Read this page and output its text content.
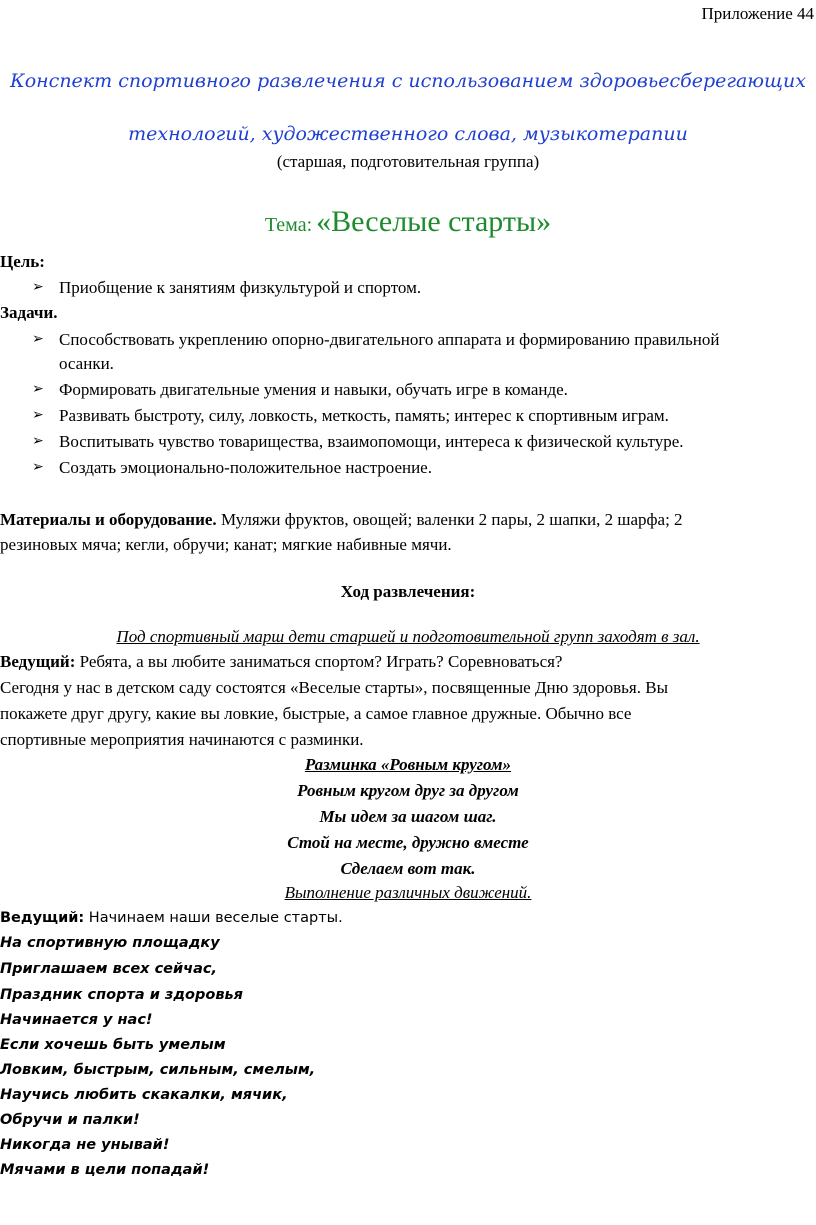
Приложение 44
Конспект спортивного развлечения с использованием здоровьесберегающих
технологий, художественного слова, музыкотерапии
(старшая, подготовительная группа)
Тема: «Веселые старты»
Цель:
➢ Приобщение к занятиям физкультурой и спортом.
Задачи.
➢ Способствовать укреплению опорно-двигательного аппарата и формированию правильной
осанки.
➢ Формировать двигательные умения и навыки, обучать игре в команде.
➢ Развивать быстроту, силу, ловкость, меткость, память; интерес к спортивным играм.
➢ Воспитывать чувство товарищества, взаимопомощи, интереса к физической культуре.
➢ Создать эмоционально-положительное настроение.
Материалы и оборудование. Муляжи фруктов, овощей; валенки 2 пары, 2 шапки, 2 шарфа; 2
резиновых мяча; кегли, обручи; канат; мягкие набивные мячи.
Ход развлечения:
Под спортивный марш дети старшей и подготовительной групп заходят в зал.
Ведущий: Ребята, а вы любите заниматься спортом? Играть? Соревноваться?
Сегодня у нас в детском саду состоятся «Веселые старты», посвященные Дню здоровья. Вы
покажете друг другу, какие вы ловкие, быстрые, а самое главное дружные. Обычно все
спортивные мероприятия начинаются с разминки.
Разминка «Ровным кругом»
Ровным кругом друг за другом
Мы идем за шагом шаг.
Стой на месте, дружно вместе
Сделаем вот так.
Выполнение различных движений.
Ведущий: Начинаем наши веселые старты.
На спортивную площадку
Приглашаем всех сейчас,
Праздник спорта и здоровья
Начинается у нас!
Если хочешь быть умелым
Ловким, быстрым, сильным, смелым,
Научись любить скакалки, мячик,
Обручи и палки!
Никогда не унывай!
Мячами в цели попадай!
